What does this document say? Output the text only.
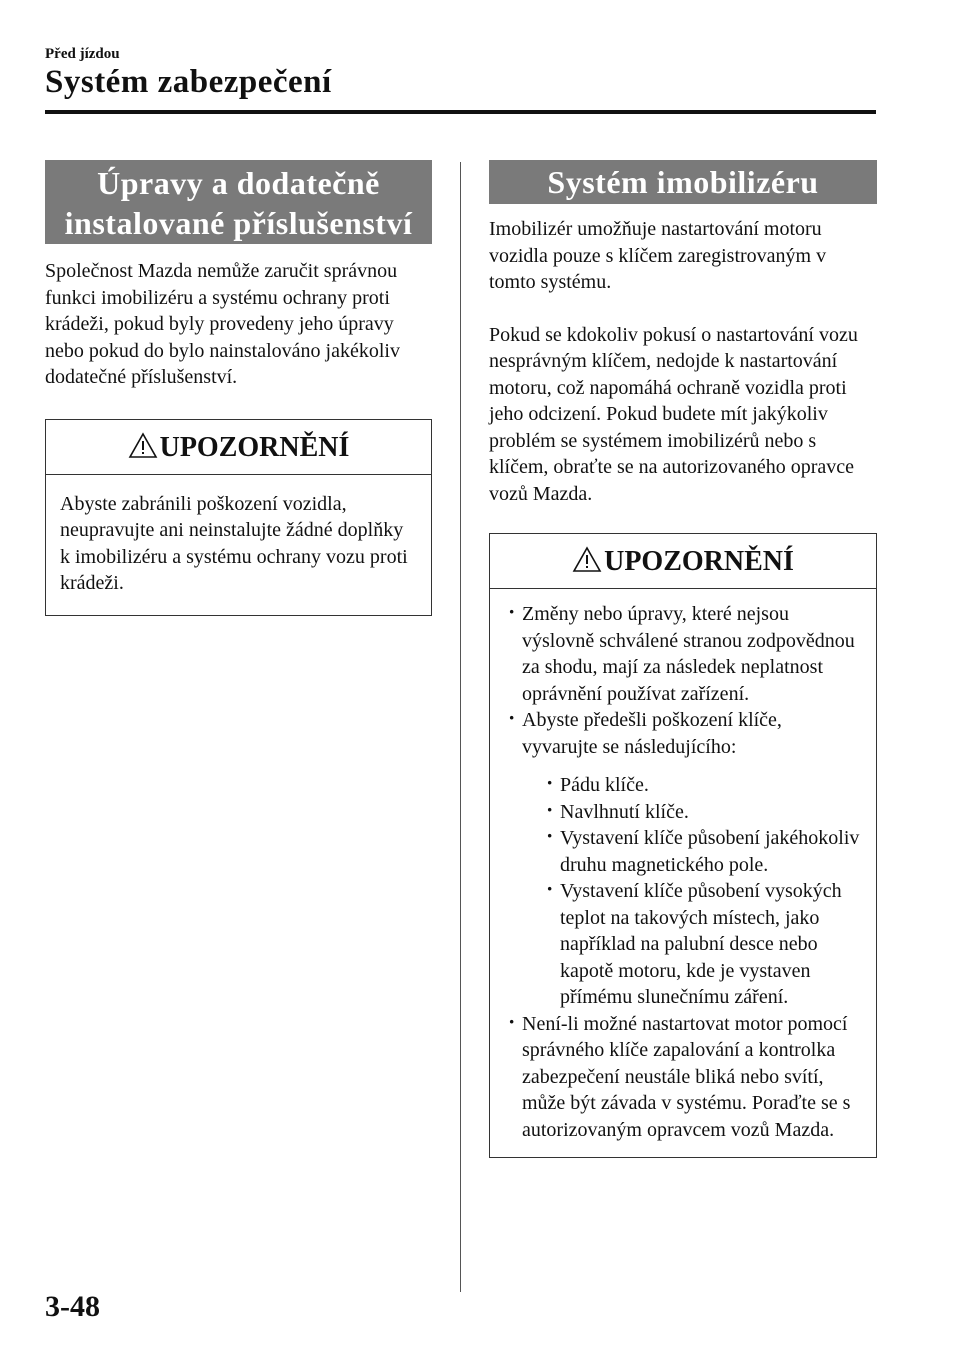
Před jízdou
Systém zabezpečení
Úpravy a dodatečně
instalované příslušenství

Společnost Mazda nemůže zaručit správnou funkci imobilizéru a systému ochrany proti krádeži, pokud byly provedeny jeho úpravy nebo pokud do bylo nainstalováno jakékoliv dodatečné příslušenství.

UPOZORNĚNÍ
Abyste zabránili poškození vozidla, neupravujte ani neinstalujte žádné doplňky k imobilizéru a systému ochrany vozu proti krádeži.
Systém imobilizéru

Imobilizér umožňuje nastartování motoru vozidla pouze s klíčem zaregistrovaným v tomto systému.

Pokud se kdokoliv pokusí o nastartování vozu nesprávným klíčem, nedojde k nastartování motoru, což napomáhá ochraně vozidla proti jeho odcizení. Pokud budete mít jakýkoliv problém se systémem imobilizérů nebo s klíčem, obraťte se na autorizovaného opravce vozů Mazda.

UPOZORNĚNÍ
· Změny nebo úpravy, které nejsou výslovně schválené stranou zodpovědnou za shodu, mají za následek neplatnost oprávnění používat zařízení.
· Abyste předešli poškození klíče, vyvarujte se následujícího:
· Pádu klíče.
· Navlhnutí klíče.
· Vystavení klíče působení jakéhokoliv druhu magnetického pole.
· Vystavení klíče působení vysokých teplot na takových místech, jako například na palubní desce nebo kapotě motoru, kde je vystaven přímému slunečnímu záření.
· Není-li možné nastartovat motor pomocí správného klíče zapalování a kontrolka zabezpečení neustále bliká nebo svítí, může být závada v systému. Poraďte se s autorizovaným opravcem vozů Mazda.
3-48
